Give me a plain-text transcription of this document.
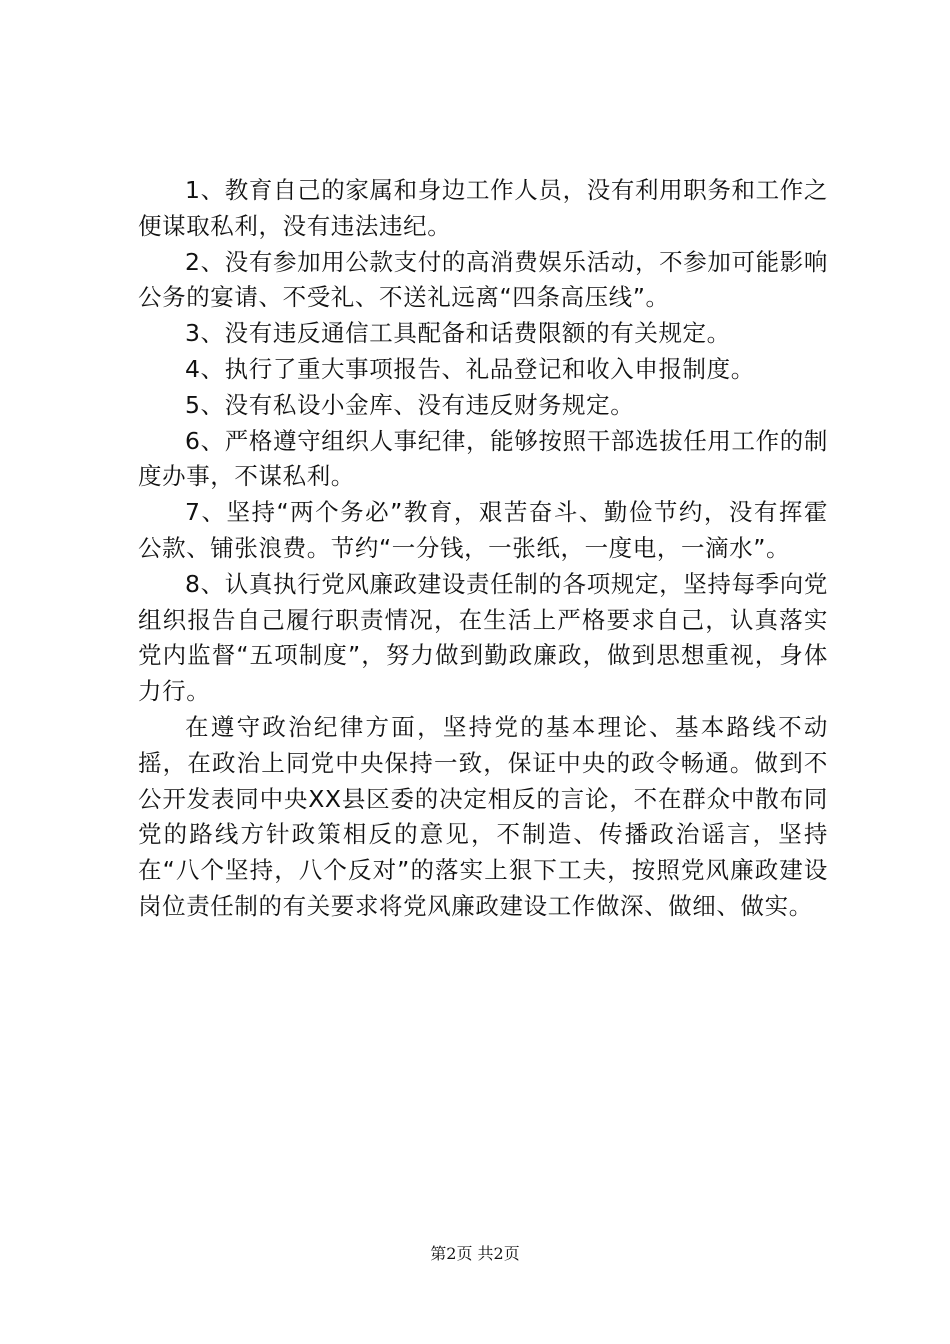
1、教育自己的家属和身边工作人员，没有利用职务和工作之便谋取私利，没有违法违纪。

2、没有参加用公款支付的高消费娱乐活动，不参加可能影响公务的宴请、不受礼、不送礼远离“四条高压线”。

3、没有违反通信工具配备和话费限额的有关规定。

4、执行了重大事项报告、礼品登记和收入申报制度。

5、没有私设小金库、没有违反财务规定。

6、严格遵守组织人事纪律，能够按照干部选拔任用工作的制度办事，不谋私利。

7、坚持“两个务必”教育，艰苦奋斗、勤俭节约，没有挥霍公款、铺张浪费。节约“一分钱，一张纸，一度电，一滴水”。

8、认真执行党风廉政建设责任制的各项规定，坚持每季向党组织报告自己履行职责情况，在生活上严格要求自己，认真落实党内监督“五项制度”，努力做到勤政廉政，做到思想重视，身体力行。

在遵守政治纪律方面，坚持党的基本理论、基本路线不动摇，在政治上同党中央保持一致，保证中央的政令畅通。做到不公开发表同中央XX县区委的决定相反的言论，不在群众中散布同党的路线方针政策相反的意见，不制造、传播政治谣言，坚持在“八个坚持，八个反对”的落实上狠下工夫，按照党风廉政建设岗位责任制的有关要求将党风廉政建设工作做深、做细、做实。

第2页 共2页
